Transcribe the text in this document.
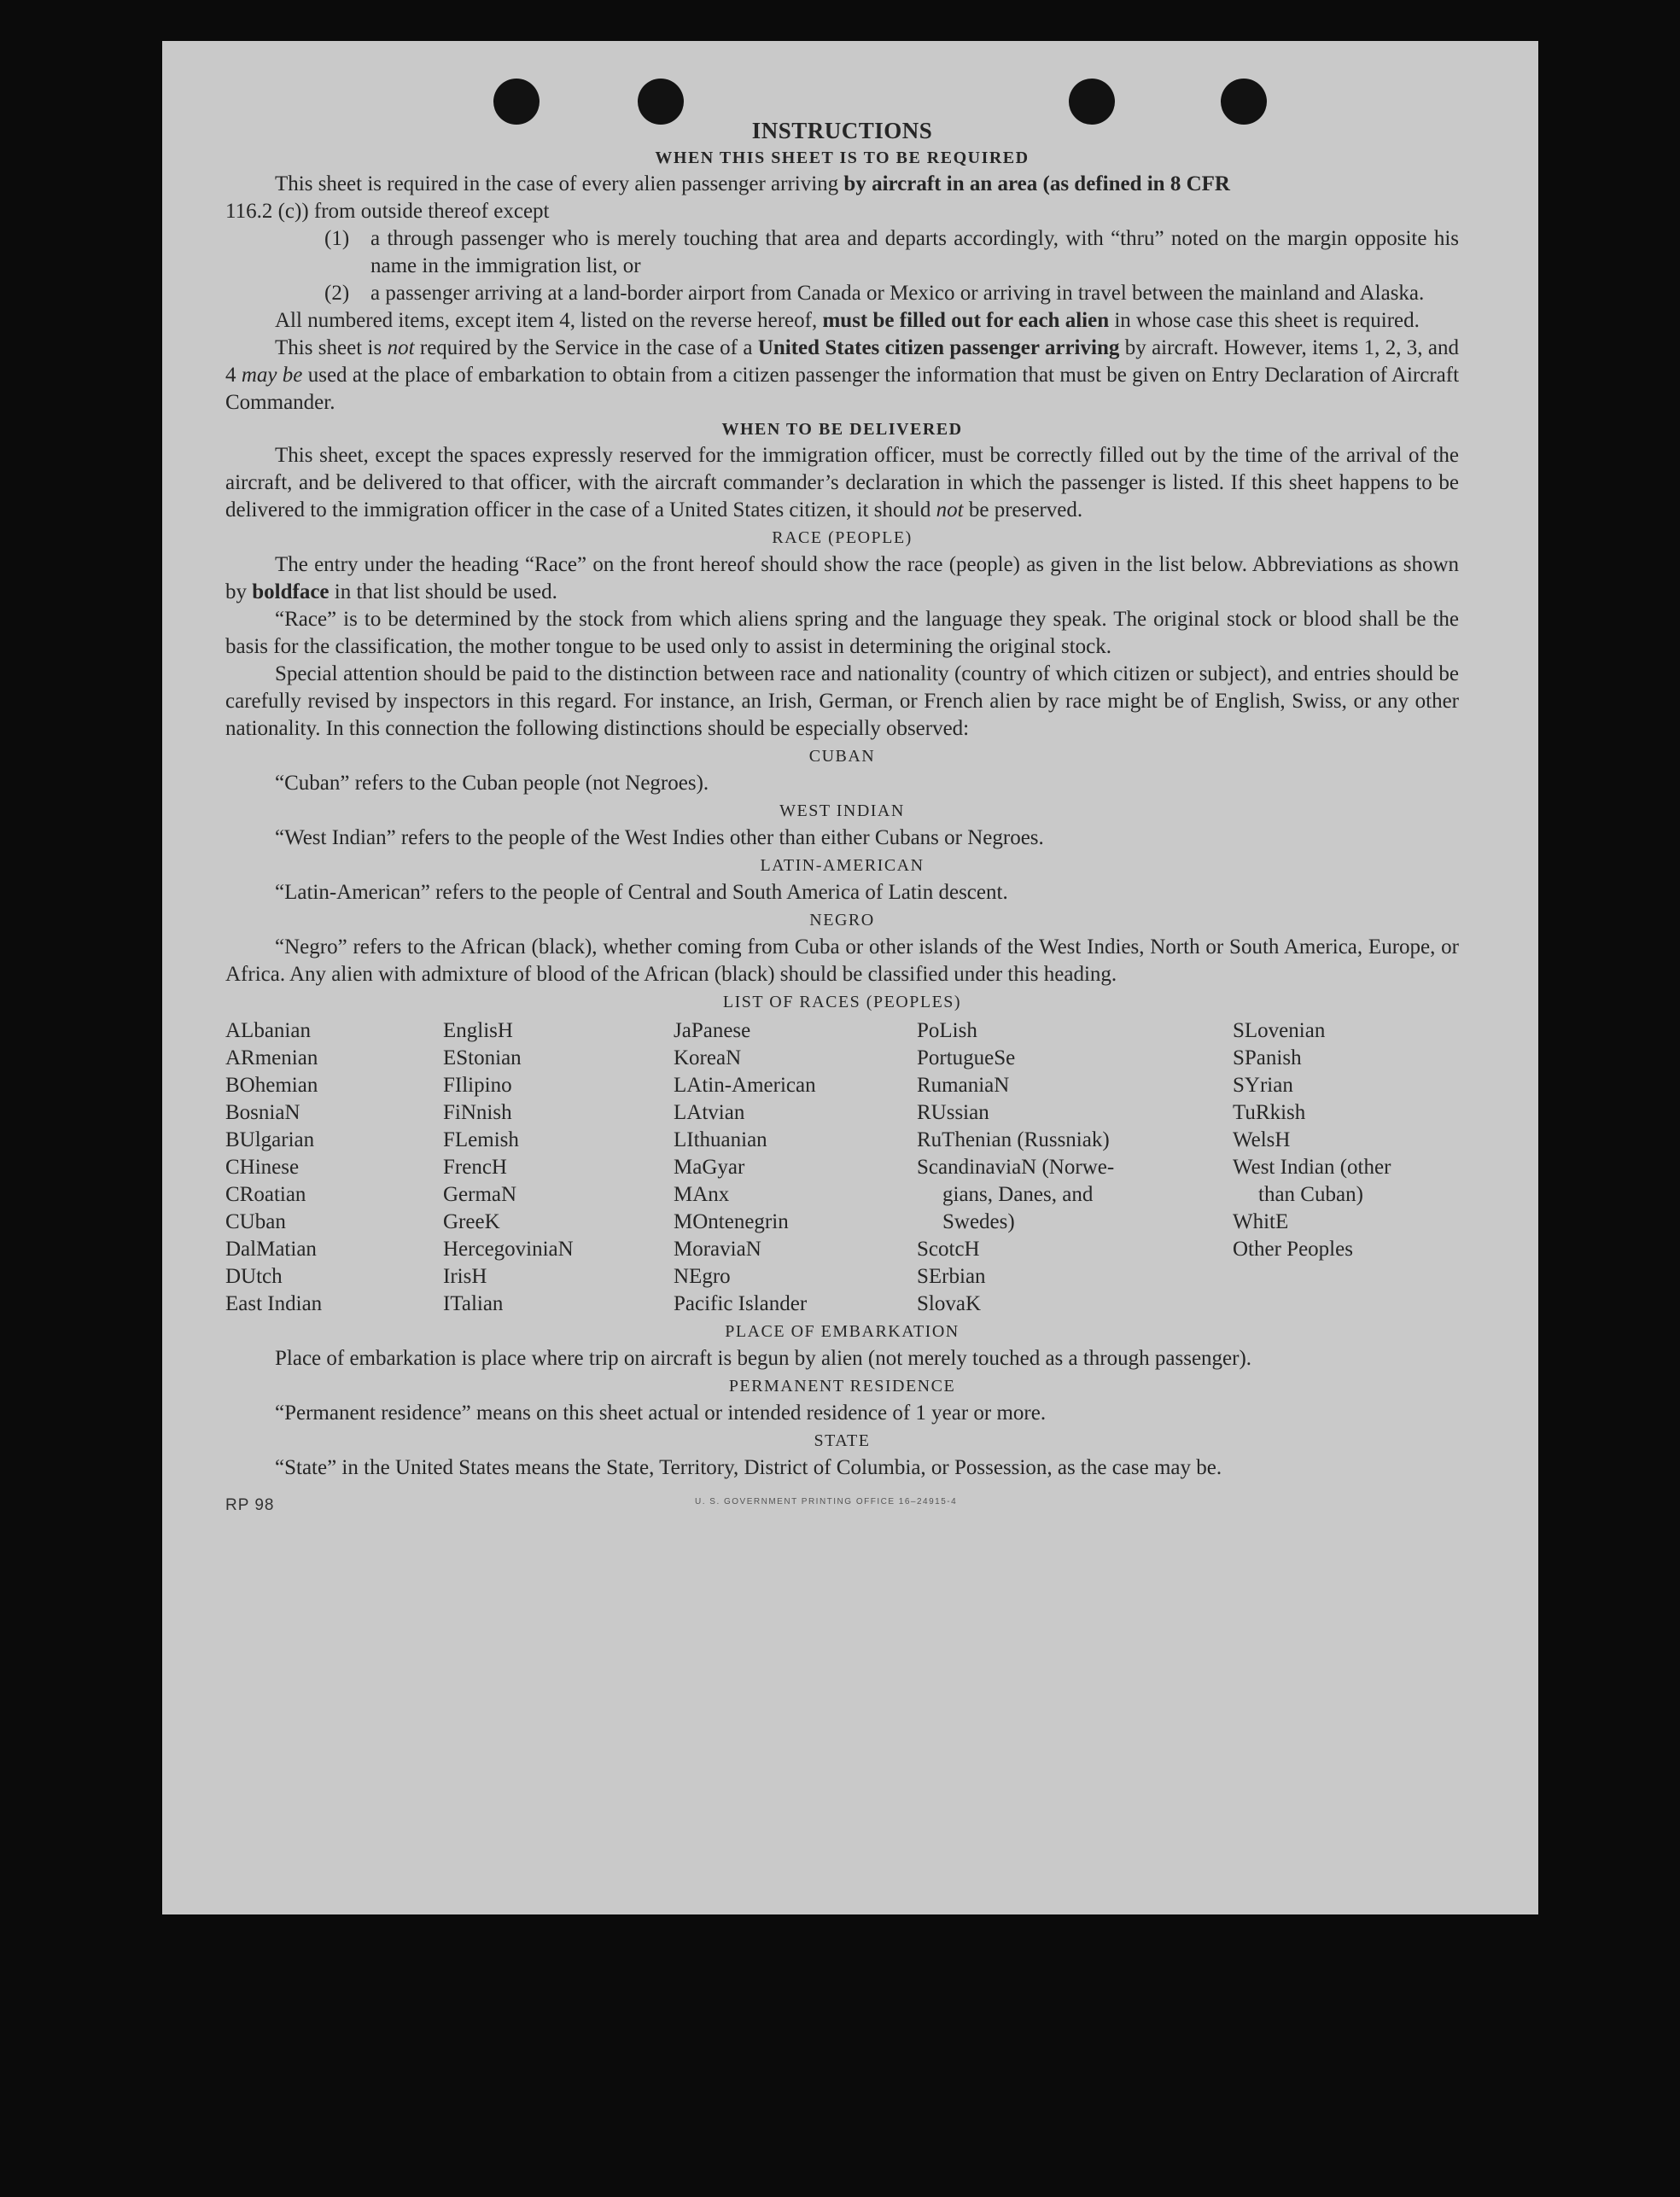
INSTRUCTIONS

WHEN THIS SHEET IS TO BE REQUIRED

This sheet is required in the case of every alien passenger arriving by aircraft in an area (as defined in 8 CFR

116.2 (c)) from outside thereof except

(1) a through passenger who is merely touching that area and departs accordingly, with “thru” noted on the margin opposite his name in the immigration list, or
(2) a passenger arriving at a land-border airport from Canada or Mexico or arriving in travel between the mainland and Alaska.

All numbered items, except item 4, listed on the reverse hereof, must be filled out for each alien in whose case this sheet is required.

This sheet is not required by the Service in the case of a United States citizen passenger arriving by aircraft. However, items 1, 2, 3, and 4 may be used at the place of embarkation to obtain from a citizen passenger the information that must be given on Entry Declaration of Aircraft Commander.

WHEN TO BE DELIVERED

This sheet, except the spaces expressly reserved for the immigration officer, must be correctly filled out by the time of the arrival of the aircraft, and be delivered to that officer, with the aircraft commander’s declaration in which the passenger is listed. If this sheet happens to be delivered to the immigration officer in the case of a United States citizen, it should not be preserved.

RACE (PEOPLE)

The entry under the heading “Race” on the front hereof should show the race (people) as given in the list below. Abbreviations as shown by boldface in that list should be used.

“Race” is to be determined by the stock from which aliens spring and the language they speak. The original stock or blood shall be the basis for the classification, the mother tongue to be used only to assist in determining the original stock.

Special attention should be paid to the distinction between race and nationality (country of which citizen or subject), and entries should be carefully revised by inspectors in this regard. For instance, an Irish, German, or French alien by race might be of English, Swiss, or any other nationality. In this connection the following distinctions should be especially observed:

CUBAN

“Cuban” refers to the Cuban people (not Negroes).

WEST INDIAN

“West Indian” refers to the people of the West Indies other than either Cubans or Negroes.

LATIN-AMERICAN

“Latin-American” refers to the people of Central and South America of Latin descent.

NEGRO

“Negro” refers to the African (black), whether coming from Cuba or other islands of the West Indies, North or South America, Europe, or Africa. Any alien with admixture of blood of the African (black) should be classified under this heading.

LIST OF RACES (PEOPLES)

ALbanian
ARmenian
BOhemian
BosniaN
BUlgarian
CHinese
CRoatian
CUban
DalMatian
DUtch
East Indian
EnglisH
EStonian
FIlipino
FiNnish
FLemish
FrencH
GermaN
GreeK
HercegoviniaN
IrisH
ITalian
JaPanese
KoreaN
LAtin-American
LAtvian
LIthuanian
MaGyar
MAnx
MOntenegrin
MoraviaN
NEgro
Pacific Islander
PoLish
PortugueSe
RumaniaN
RUssian
RuThenian (Russniak)
ScandinaviaN (Norwe-
gians, Danes, and
Swedes)
ScotcH
SErbian
SlovaK
SLovenian
SPanish
SYrian
TuRkish
WelsH
West Indian (other
than Cuban)
WhitE
Other Peoples

PLACE OF EMBARKATION

Place of embarkation is place where trip on aircraft is begun by alien (not merely touched as a through passenger).

PERMANENT RESIDENCE

“Permanent residence” means on this sheet actual or intended residence of 1 year or more.

STATE

“State” in the United States means the State, Territory, District of Columbia, or Possession, as the case may be.

RP 98	U. S. GOVERNMENT PRINTING OFFICE 16–24915-4
